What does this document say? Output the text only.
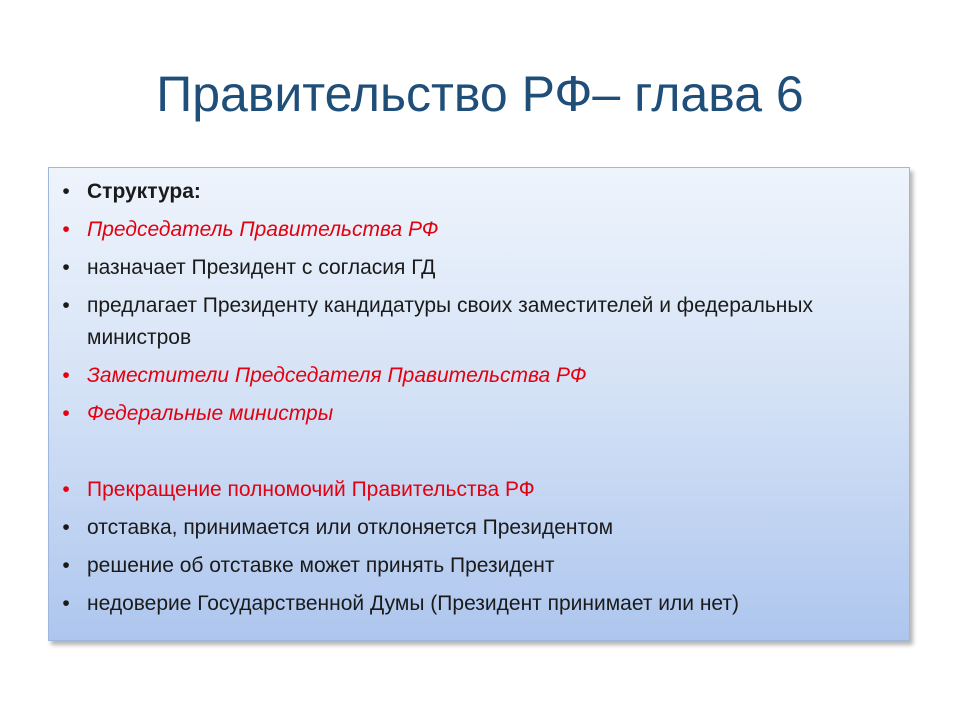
Правительство РФ– глава 6
• Структура:
• Председатель Правительства РФ
• назначает Президент с согласия ГД
• предлагает Президенту кандидатуры своих заместителей и федеральных министров
• Заместители Председателя Правительства РФ
• Федеральные министры
• Прекращение полномочий Правительства РФ
• отставка, принимается или отклоняется Президентом
• решение об отставке может принять Президент
• недоверие Государственной Думы (Президент принимает или нет)
